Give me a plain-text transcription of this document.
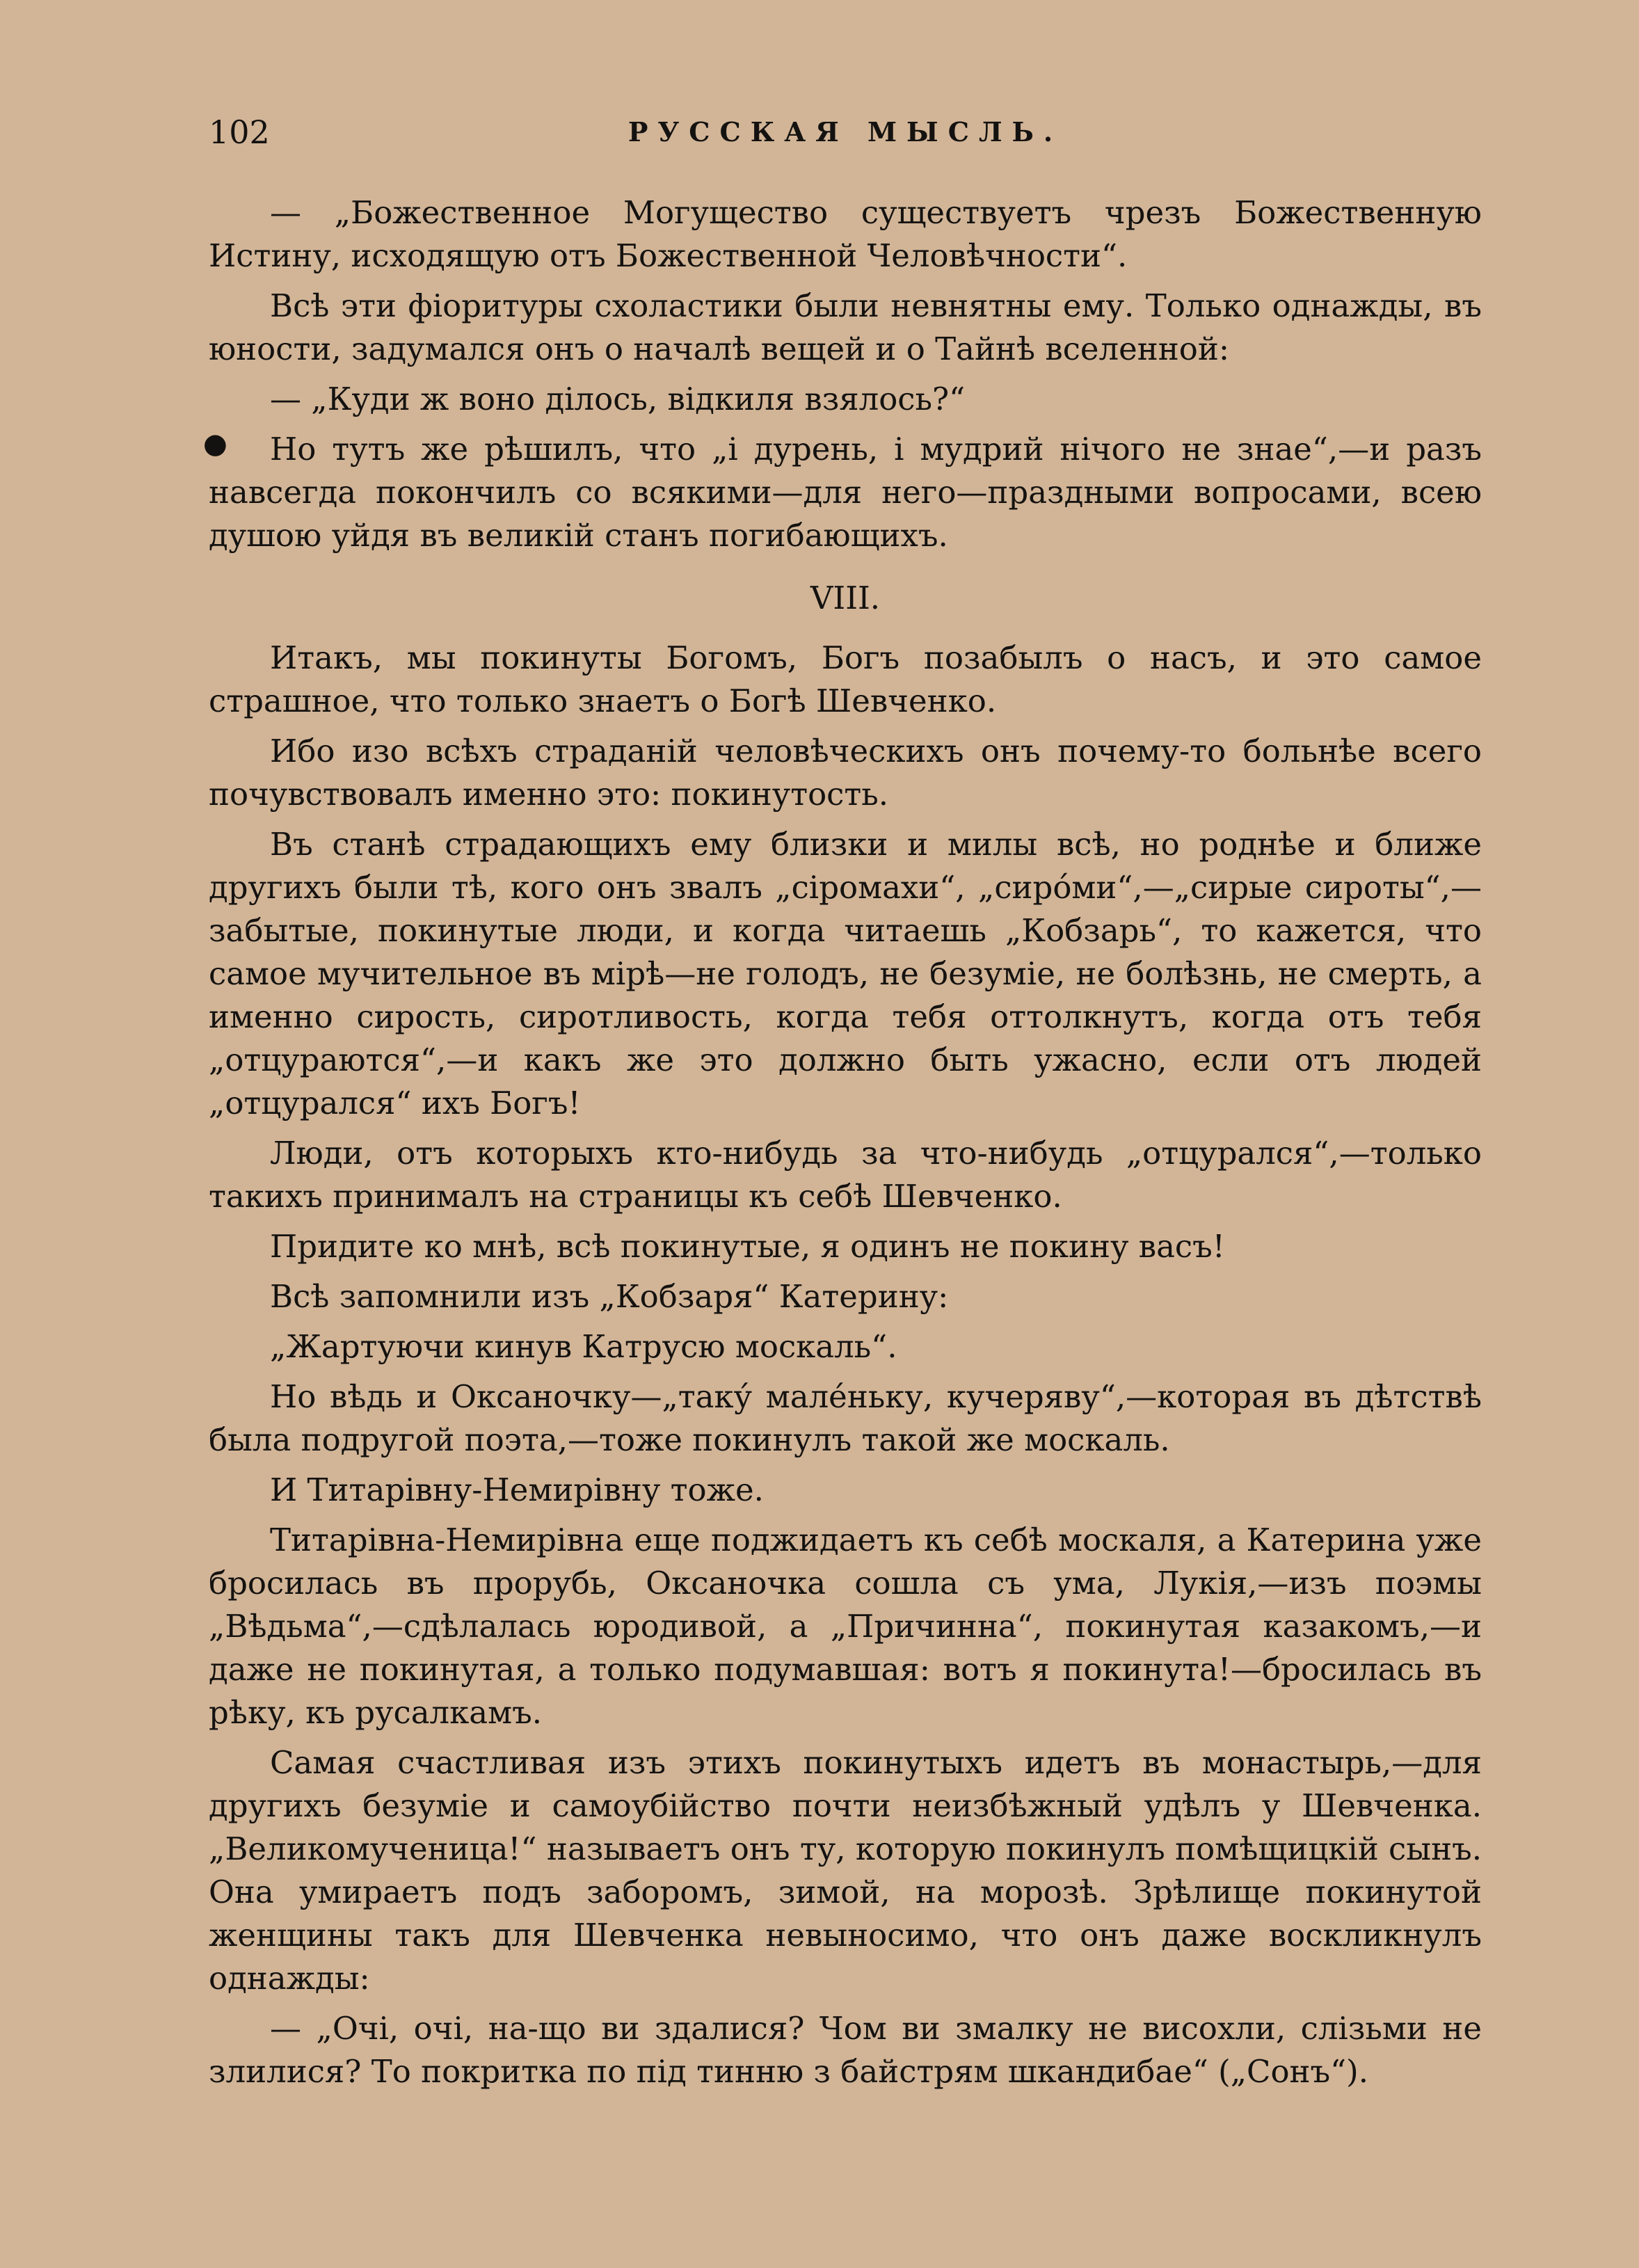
102	РУССКАЯ МЫСЛЬ.

— „Божественное Могущество существуетъ чрезъ Божественную Истину, исходящую отъ Божественной Человѣчности“.

Всѣ эти фіоритуры схоластики были невнятны ему. Только однажды, въ юности, задумался онъ о началѣ вещей и о Тайнѣ вселенной:

— „Куди ж воно ділось, відкиля взялось?“

●	Но тутъ же рѣшилъ, что „і дурень, і мудрий нічого не знае“,—и разъ навсегда покончилъ со всякими—для него—праздными вопросами, всею душою уйдя въ великій станъ погибающихъ.

VIII.

Итакъ, мы покинуты Богомъ, Богъ позабылъ о насъ, и это самое страшное, что только знаетъ о Богѣ Шевченко.

Ибо изо всѣхъ страданій человѣческихъ онъ почему-то больнѣе всего почувствовалъ именно это: покинутость.

Въ станѣ страдающихъ ему близки и милы всѣ, но роднѣе и ближе другихъ были тѣ, кого онъ звалъ „сіромахи“, „сирóми“,—„сирые сироты“,—забытые, покинутые люди, и когда читаешь „Кобзарь“, то кажется, что самое мучительное въ мірѣ—не голодъ, не безуміе, не болѣзнь, не смерть, а именно сирость, сиротливость, когда тебя оттолкнутъ, когда отъ тебя „отцураются“,—и какъ же это должно быть ужасно, если отъ людей „отцурался“ ихъ Богъ!

Люди, отъ которыхъ кто-нибудь за что-нибудь „отцурался“,—только такихъ принималъ на страницы къ себѣ Шевченко.

Придите ко мнѣ, всѣ покинутые, я одинъ не покину васъ!

Всѣ запомнили изъ „Кобзаря“ Катерину:

„Жартуючи кинув Катрусю москаль“.

Но вѣдь и Оксаночку—„таку́ мале́ньку, кучеряву“,—которая въ дѣтствѣ была подругой поэта,—тоже покинулъ такой же москаль.

И Титарівну-Немирівну тоже.

Титарівна-Немирівна еще поджидаетъ къ себѣ москаля, а Катерина уже бросилась въ прорубь, Оксаночка сошла съ ума, Лукія,—изъ поэмы „Вѣдьма“,—сдѣлалась юродивой, а „Причинна“, покинутая казакомъ,—и даже не покинутая, а только подумавшая: вотъ я покинута!—бросилась въ рѣку, къ русалкамъ.

Самая счастливая изъ этихъ покинутыхъ идетъ въ монастырь,—для другихъ безуміе и самоубійство почти неизбѣжный удѣлъ у Шевченка. „Великомученица!“ называетъ онъ ту, которую покинулъ помѣщицкій сынъ. Она умираетъ подъ заборомъ, зимой, на морозѣ. Зрѣлище покинутой женщины такъ для Шевченка невыносимо, что онъ даже воскликнулъ однажды:

— „Очі, очі, на-що ви здалися? Чом ви змалку не висохли, слізьми не злилися? То покритка по під тинню з байстрям шкандибае“ („Сонъ“).
